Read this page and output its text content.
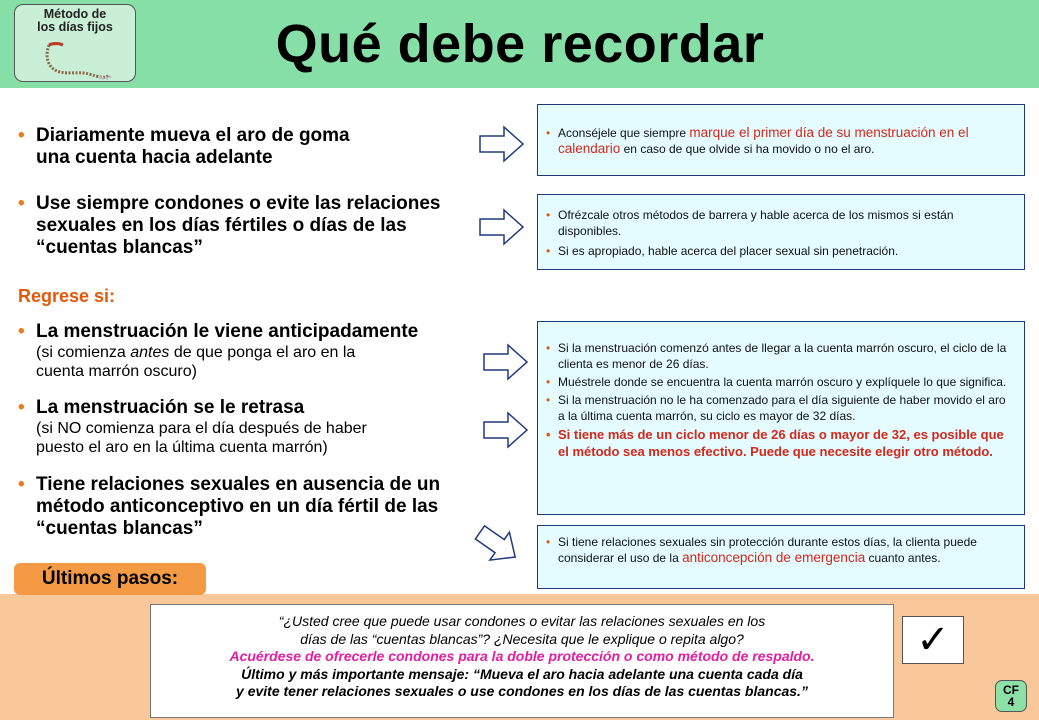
Método de
los días fijos	Qué debe recordar
• Diariamente mueva el aro de goma
una cuenta hacia adelante
• Use siempre condones o evite las relaciones
sexuales en los días fértiles o días de las
“cuentas blancas”
Regrese si:
• La menstruación le viene anticipadamente
(si comienza antes de que ponga el aro en la
cuenta marrón oscuro)
• La menstruación se le retrasa
(si NO comienza para el día después de haber
puesto el aro en la última cuenta marrón)
• Tiene relaciones sexuales en ausencia de un
método anticonceptivo en un día fértil de las
“cuentas blancas”
• Aconséjele que siempre marque el primer día de su menstruación en el calendario en caso de que olvide si ha movido o no el aro.
• Ofrézcale otros métodos de barrera y hable acerca de los mismos si están disponibles.
• Si es apropiado, hable acerca del placer sexual sin penetración.
• Si la menstruación comenzó antes de llegar a la cuenta marrón oscuro, el ciclo de la clienta es menor de 26 días.
• Muéstrele donde se encuentra la cuenta marrón oscuro y explíquele lo que significa.
• Si la menstruación no le ha comenzado para el día siguiente de haber movido el aro a la última cuenta marrón, su ciclo es mayor de 32 días.
• Si tiene más de un ciclo menor de 26 días o mayor de 32, es posible que el método sea menos efectivo. Puede que necesite elegir otro método.
• Si tiene relaciones sexuales sin protección durante estos días, la clienta puede considerar el uso de la anticoncepción de emergencia cuanto antes.
Últimos pasos:
“¿Usted cree que puede usar condones o evitar las relaciones sexuales en los
días de las “cuentas blancas”? ¿Necesita que le explique o repita algo?
Acuérdese de ofrecerle condones para la doble protección o como método de respaldo.
Último y más importante mensaje: “Mueva el aro hacia adelante una cuenta cada día
y evite tener relaciones sexuales o use condones en los días de las cuentas blancas.”
✓
CF
4
